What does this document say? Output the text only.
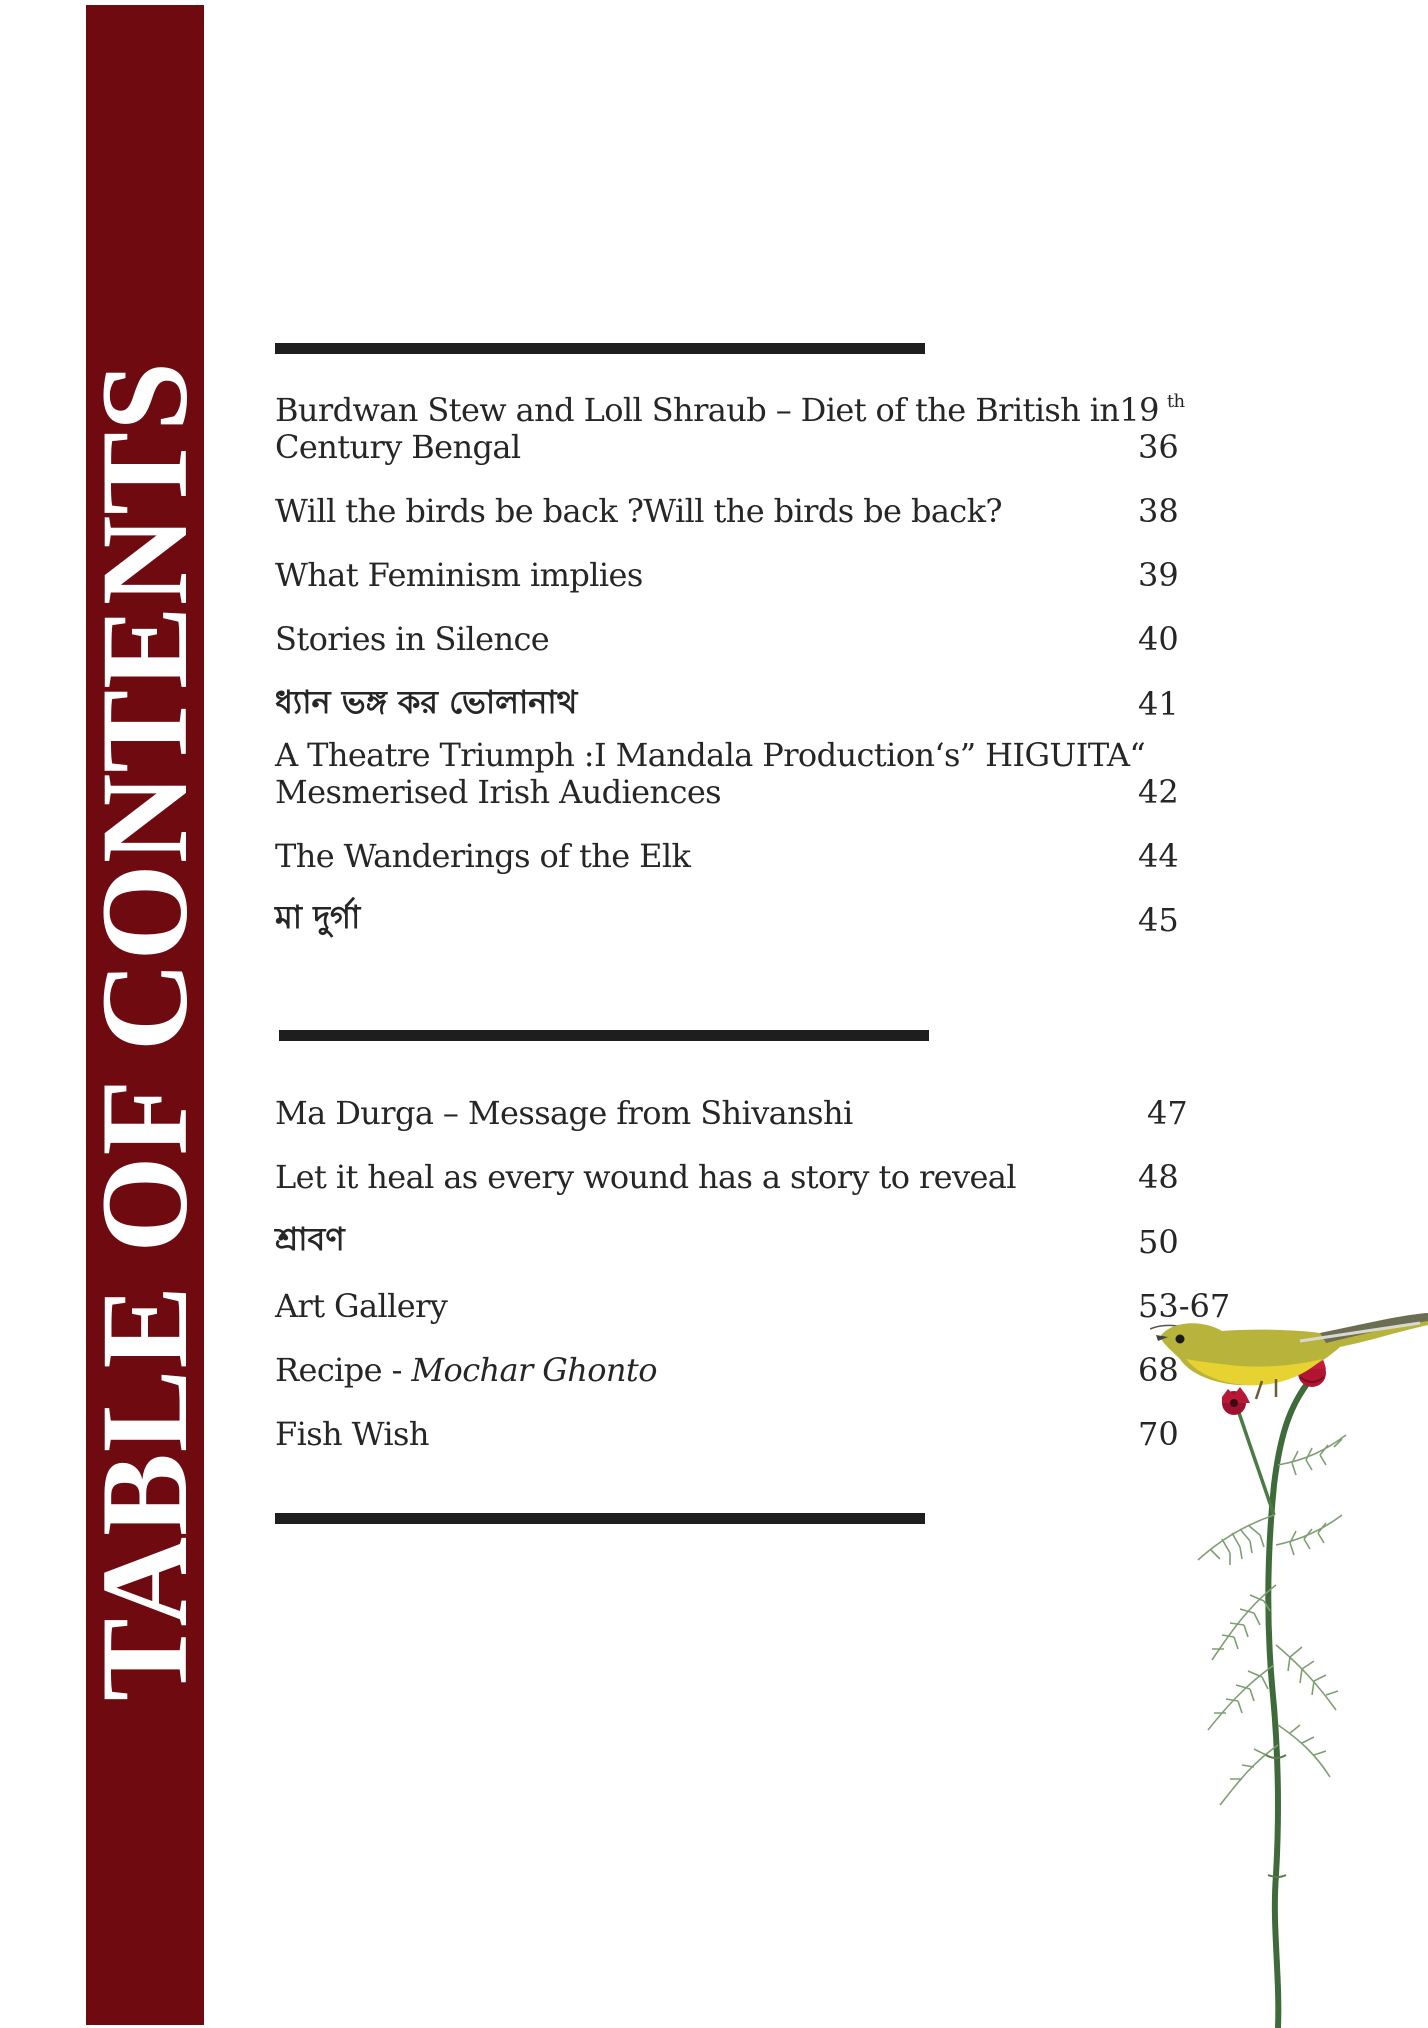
TABLE OF CONTENTS Burdwan Stew and Loll Shraub – Diet of the British in19 $^{th}$
Century Bengal	36
Will the birds be back ?Will the birds be back?	38
What Feminism implies	39
Stories in Silence	40
ধ্যান ভঙ্গ কর ভোলানাথ	41
A Theatre Triumph :I Mandala Production‘s” HIGUITA“
Mesmerised Irish Audiences	42
The Wanderings of the Elk	44
মা দুর্গা	45
Ma Durga – Message from Shivanshi	47
Let it heal as every wound has a story to reveal	48
শ্রাবণ	50
Art Gallery	53-67
Recipe - Mochar Ghonto	68
Fish Wish	70
